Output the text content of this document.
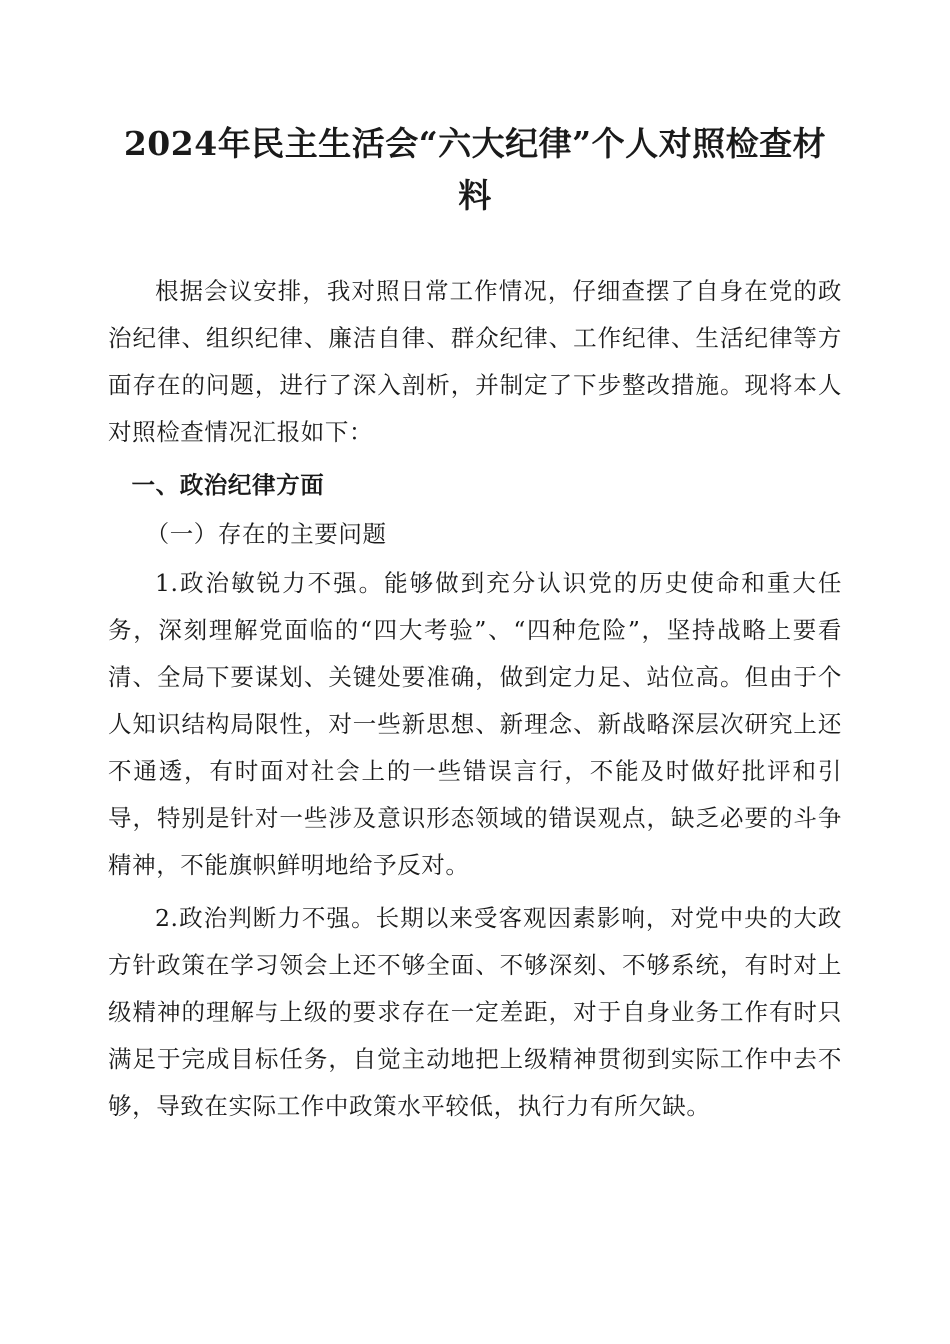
2024年民主生活会“六大纪律”个人对照检查材料

根据会议安排，我对照日常工作情况，仔细查摆了自身在党的政治纪律、组织纪律、廉洁自律、群众纪律、工作纪律、生活纪律等方面存在的问题，进行了深入剖析，并制定了下步整改措施。现将本人对照检查情况汇报如下：

一、政治纪律方面

（一）存在的主要问题

1.政治敏锐力不强。能够做到充分认识党的历史使命和重大任务，深刻理解党面临的“四大考验”、“四种危险”，坚持战略上要看清、全局下要谋划、关键处要准确，做到定力足、站位高。但由于个人知识结构局限性，对一些新思想、新理念、新战略深层次研究上还不通透，有时面对社会上的一些错误言行，不能及时做好批评和引导，特别是针对一些涉及意识形态领域的错误观点，缺乏必要的斗争精神，不能旗帜鲜明地给予反对。

2.政治判断力不强。长期以来受客观因素影响，对党中央的大政方针政策在学习领会上还不够全面、不够深刻、不够系统，有时对上级精神的理解与上级的要求存在一定差距，对于自身业务工作有时只满足于完成目标任务，自觉主动地把上级精神贯彻到实际工作中去不够，导致在实际工作中政策水平较低，执行力有所欠缺。
